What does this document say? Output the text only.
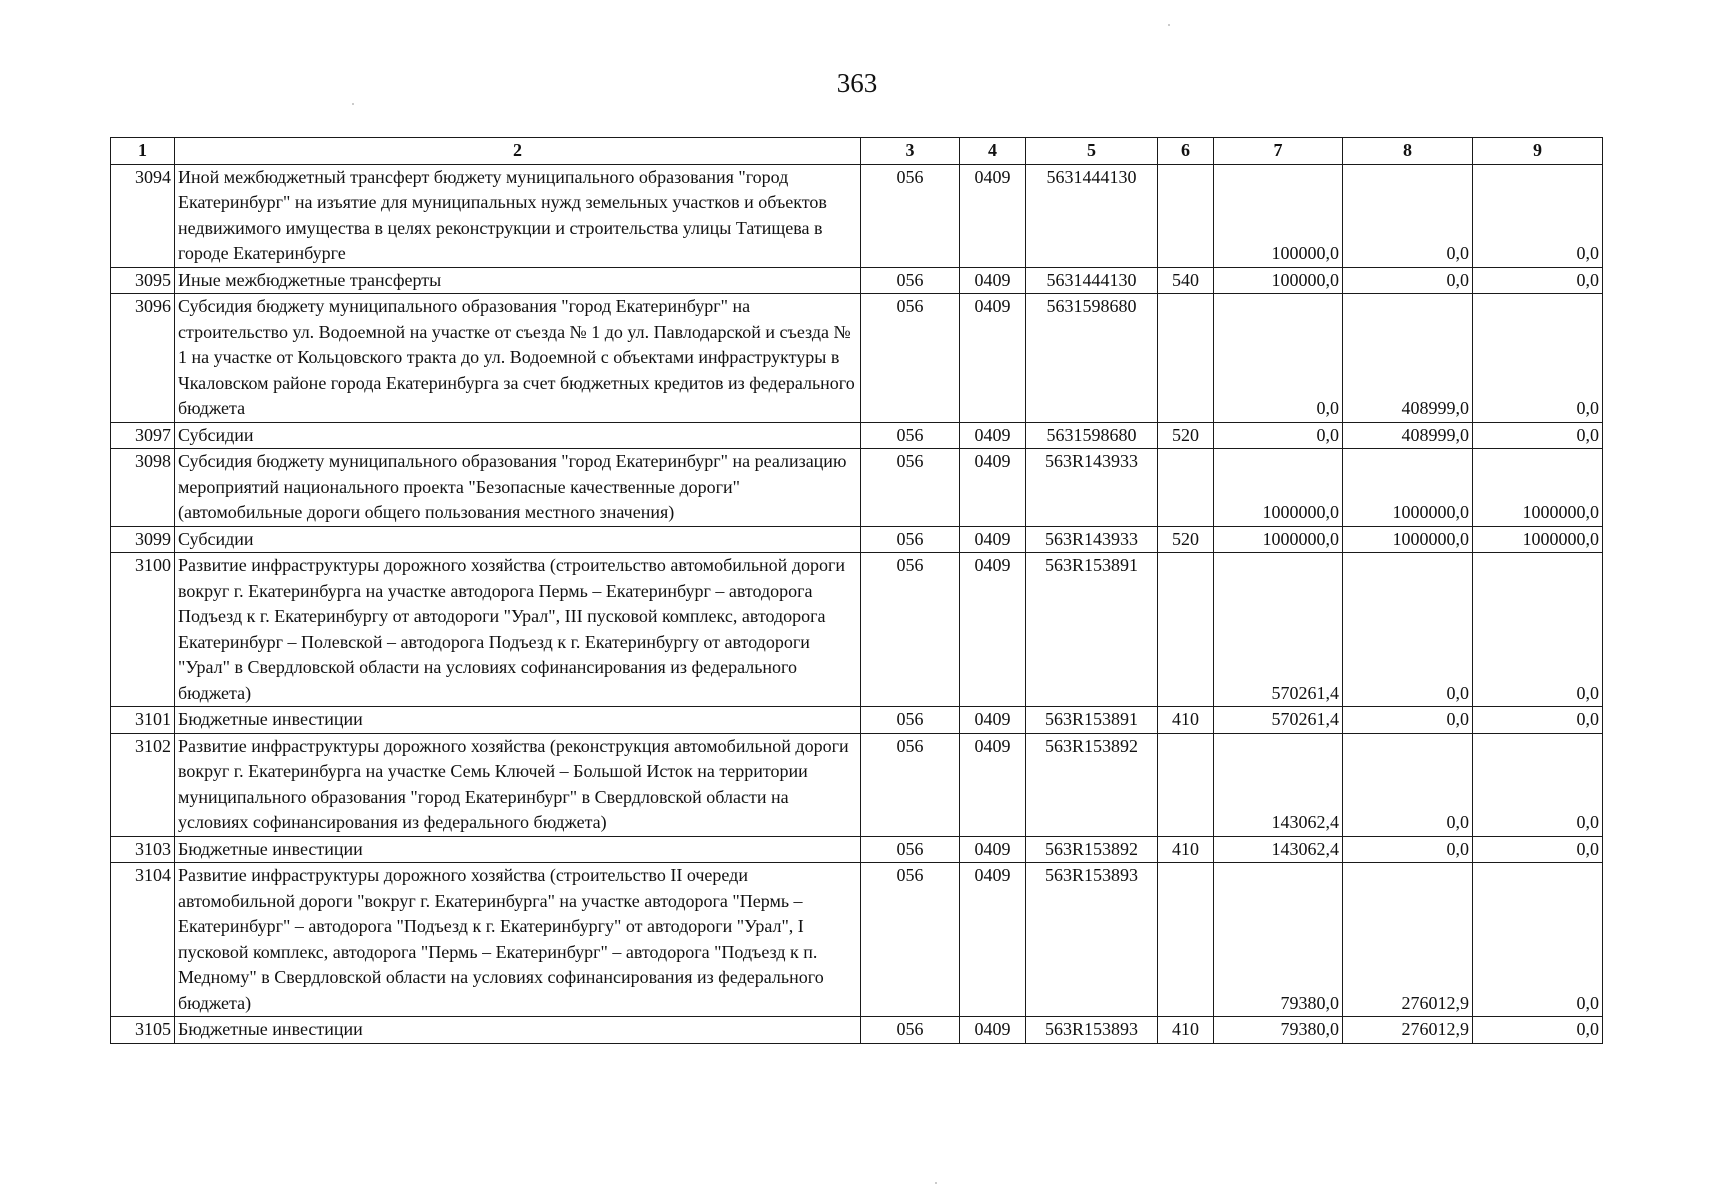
363
1	2	3	4	5	6	7	8	9
3094	Иной межбюджетный трансферт бюджету муниципального образования "город Екатеринбург" на изъятие для муниципальных нужд земельных участков и объектов недвижимого имущества в целях реконструкции и строительства улицы Татищева в городе Екатеринбурге	056	0409	5631444130		100000,0	0,0	0,0
3095	Иные межбюджетные трансферты	056	0409	5631444130	540	100000,0	0,0	0,0
3096	Субсидия бюджету муниципального образования "город Екатеринбург" на строительство ул. Водоемной на участке от съезда № 1 до ул. Павлодарской и съезда № 1 на участке от Кольцовского тракта до ул. Водоемной с объектами инфраструктуры в Чкаловском районе города Екатеринбурга за счет бюджетных кредитов из федерального бюджета	056	0409	5631598680		0,0	408999,0	0,0
3097	Субсидии	056	0409	5631598680	520	0,0	408999,0	0,0
3098	Субсидия бюджету муниципального образования "город Екатеринбург" на реализацию мероприятий национального проекта "Безопасные качественные дороги" (автомобильные дороги общего пользования местного значения)	056	0409	563R143933		1000000,0	1000000,0	1000000,0
3099	Субсидии	056	0409	563R143933	520	1000000,0	1000000,0	1000000,0
3100	Развитие инфраструктуры дорожного хозяйства (строительство автомобильной дороги вокруг г. Екатеринбурга на участке автодорога Пермь – Екатеринбург – автодорога Подъезд к г. Екатеринбургу от автодороги "Урал", III пусковой комплекс, автодорога Екатеринбург – Полевской – автодорога Подъезд к г. Екатеринбургу от автодороги "Урал" в Свердловской области на условиях софинансирования из федерального бюджета)	056	0409	563R153891		570261,4	0,0	0,0
3101	Бюджетные инвестиции	056	0409	563R153891	410	570261,4	0,0	0,0
3102	Развитие инфраструктуры дорожного хозяйства (реконструкция автомобильной дороги вокруг г. Екатеринбурга на участке Семь Ключей – Большой Исток на территории муниципального образования "город Екатеринбург" в Свердловской области на условиях софинансирования из федерального бюджета)	056	0409	563R153892		143062,4	0,0	0,0
3103	Бюджетные инвестиции	056	0409	563R153892	410	143062,4	0,0	0,0
3104	Развитие инфраструктуры дорожного хозяйства (строительство II очереди автомобильной дороги "вокруг г. Екатеринбурга" на участке автодорога "Пермь – Екатеринбург" – автодорога "Подъезд к г. Екатеринбургу" от автодороги "Урал", I пусковой комплекс, автодорога "Пермь – Екатеринбург" – автодорога "Подъезд к п. Медному" в Свердловской области на условиях софинансирования из федерального бюджета)	056	0409	563R153893		79380,0	276012,9	0,0
3105	Бюджетные инвестиции	056	0409	563R153893	410	79380,0	276012,9	0,0
